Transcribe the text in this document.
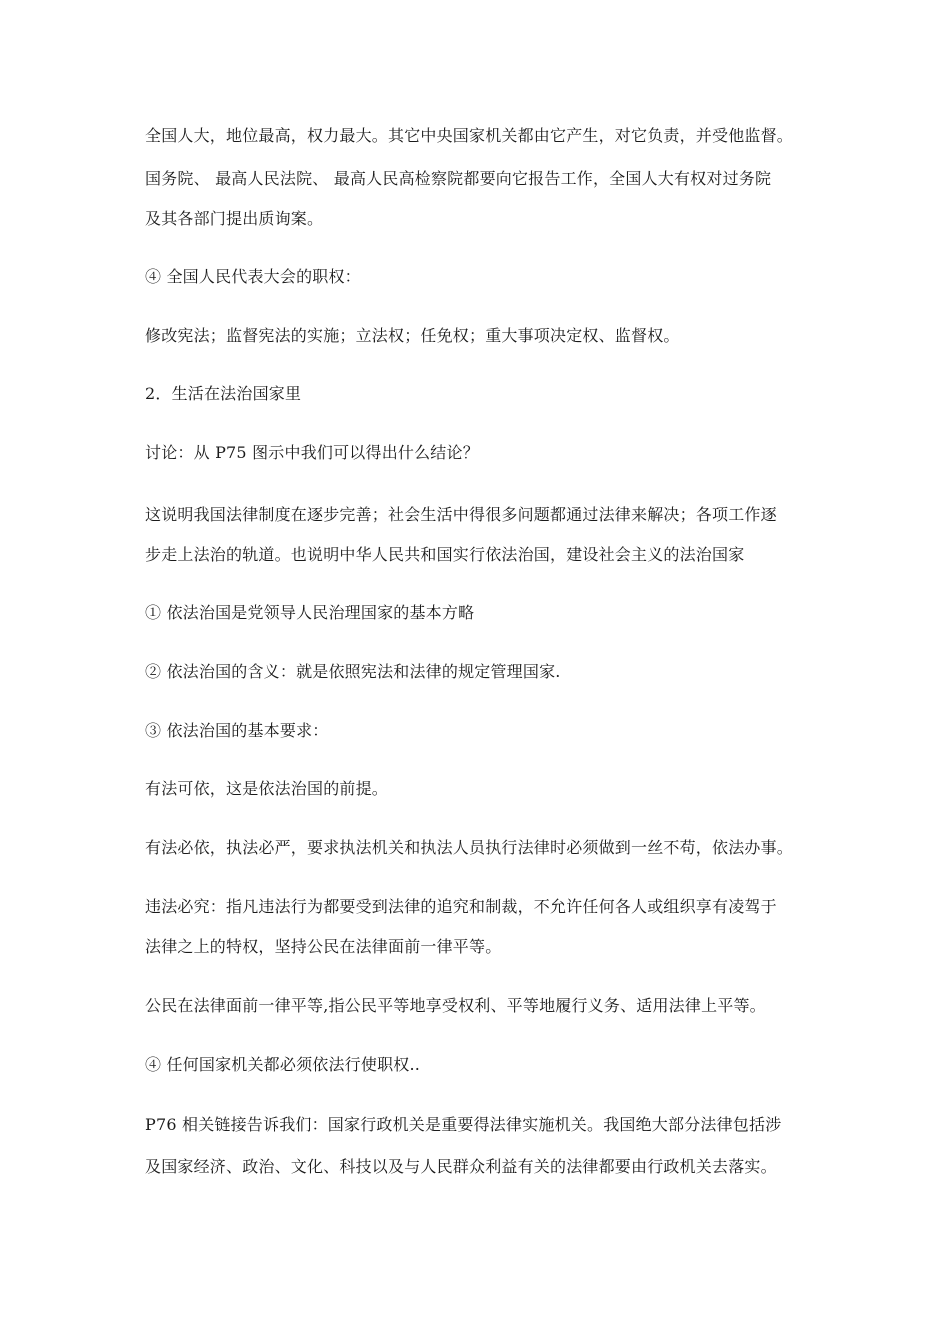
全国人大，地位最高，权力最大。其它中央国家机关都由它产生，对它负责，并受他监督。
国务院、 最高人民法院、 最高人民高检察院都要向它报告工作，全国人大有权对过务院
及其各部门提出质询案。
④ 全国人民代表大会的职权：
修改宪法；监督宪法的实施；立法权；任免权；重大事项决定权、监督权。
2．生活在法治国家里
讨论：从 P75 图示中我们可以得出什么结论？
这说明我国法律制度在逐步完善；社会生活中得很多问题都通过法律来解决；各项工作逐
步走上法治的轨道。也说明中华人民共和国实行依法治国，建设社会主义的法治国家
① 依法治国是党领导人民治理国家的基本方略
② 依法治国的含义：就是依照宪法和法律的规定管理国家.
③ 依法治国的基本要求：
有法可依，这是依法治国的前提。
有法必依，执法必严，要求执法机关和执法人员执行法律时必须做到一丝不苟，依法办事。
违法必究：指凡违法行为都要受到法律的追究和制裁，不允许任何各人或组织享有凌驾于
法律之上的特权，坚持公民在法律面前一律平等。
公民在法律面前一律平等,指公民平等地享受权利、平等地履行义务、适用法律上平等。
④ 任何国家机关都必须依法行使职权..
P76 相关链接告诉我们：国家行政机关是重要得法律实施机关。我国绝大部分法律包括涉
及国家经济、政治、文化、科技以及与人民群众利益有关的法律都要由行政机关去落实。
